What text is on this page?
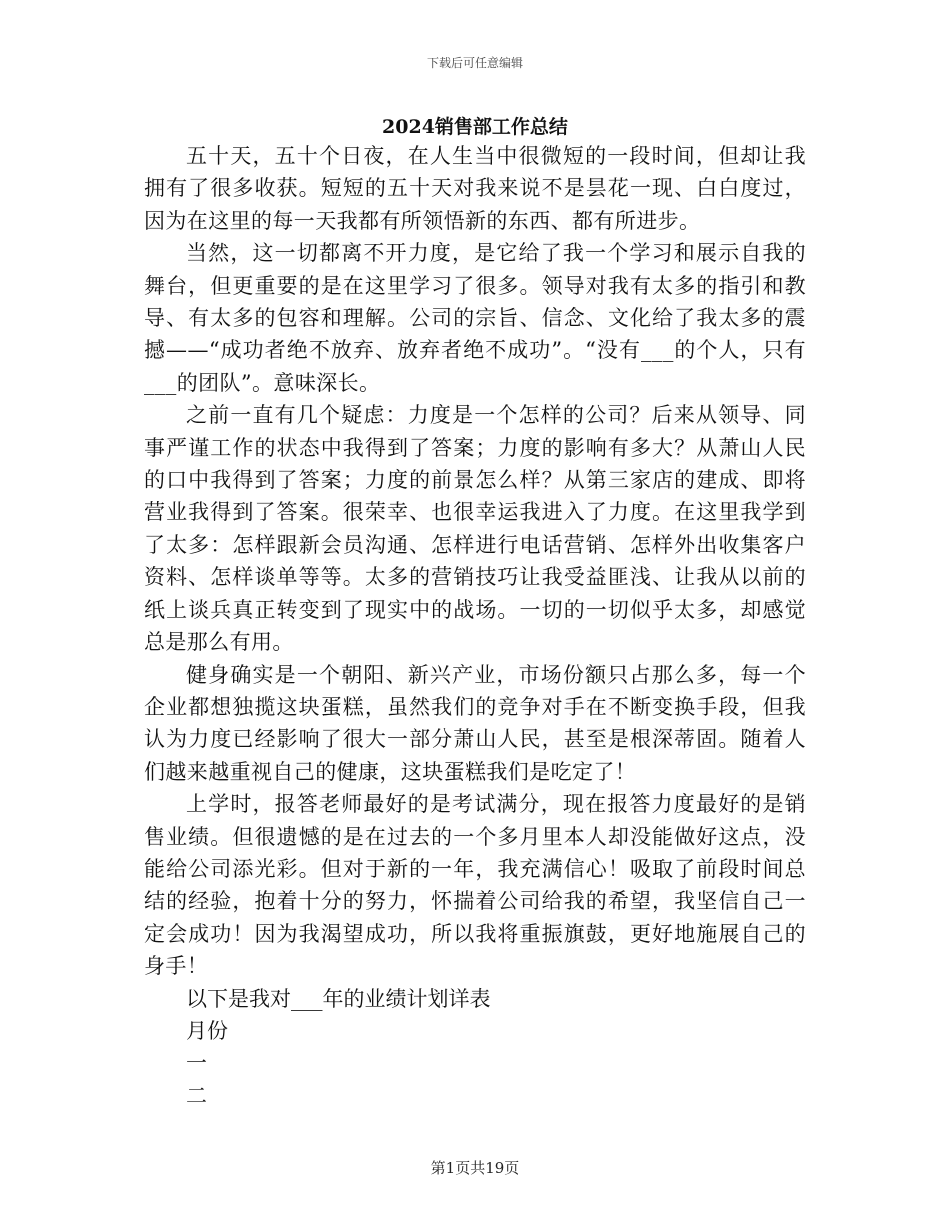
下载后可任意编辑
2024销售部工作总结

五十天，五十个日夜，在人生当中很微短的一段时间，但却让我拥有了很多收获。短短的五十天对我来说不是昙花一现、白白度过，因为在这里的每一天我都有所领悟新的东西、都有所进步。

当然，这一切都离不开力度，是它给了我一个学习和展示自我的舞台，但更重要的是在这里学习了很多。领导对我有太多的指引和教导、有太多的包容和理解。公司的宗旨、信念、文化给了我太多的震撼——“成功者绝不放弃、放弃者绝不成功”。“没有___的个人，只有___的团队”。意味深长。

之前一直有几个疑虑：力度是一个怎样的公司？后来从领导、同事严谨工作的状态中我得到了答案；力度的影响有多大？从萧山人民的口中我得到了答案；力度的前景怎么样？从第三家店的建成、即将营业我得到了答案。很荣幸、也很幸运我进入了力度。在这里我学到了太多：怎样跟新会员沟通、怎样进行电话营销、怎样外出收集客户资料、怎样谈单等等。太多的营销技巧让我受益匪浅、让我从以前的纸上谈兵真正转变到了现实中的战场。一切的一切似乎太多，却感觉总是那么有用。

健身确实是一个朝阳、新兴产业，市场份额只占那么多，每一个企业都想独揽这块蛋糕，虽然我们的竞争对手在不断变换手段，但我认为力度已经影响了很大一部分萧山人民，甚至是根深蒂固。随着人们越来越重视自己的健康，这块蛋糕我们是吃定了！

上学时，报答老师最好的是考试满分，现在报答力度最好的是销售业绩。但很遗憾的是在过去的一个多月里本人却没能做好这点，没能给公司添光彩。但对于新的一年，我充满信心！吸取了前段时间总结的经验，抱着十分的努力，怀揣着公司给我的希望，我坚信自己一定会成功！因为我渴望成功，所以我将重振旗鼓，更好地施展自己的身手！

以下是我对___年的业绩计划详表

月份

一

二

第1页共19页
